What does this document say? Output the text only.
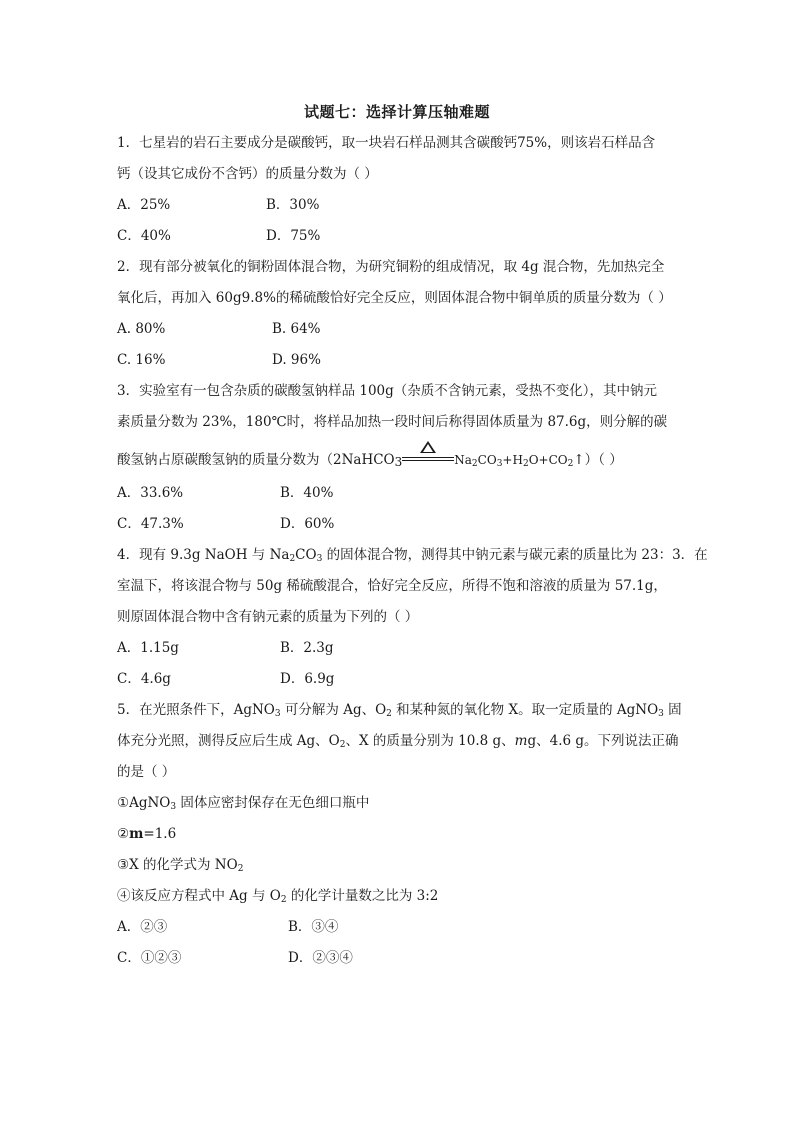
试题七：选择计算压轴难题
1．七星岩的岩石主要成分是碳酸钙，取一块岩石样品测其含碳酸钙75%，则该岩石样品含
钙（设其它成份不含钙）的质量分数为（ ）
A．25%	B．30%
C．40%	D．75%
2．现有部分被氧化的铜粉固体混合物，为研究铜粉的组成情况，取 4g 混合物，先加热完全
氧化后，再加入 60g9.8%的稀硫酸恰好完全反应，则固体混合物中铜单质的质量分数为（ ）
A. 80%	B. 64%
C. 16%	D. 96%
3．实验室有一包含杂质的碳酸氢钠样品 100g（杂质不含钠元素，受热不变化），其中钠元
素质量分数为 23%，180℃时，将样品加热一段时间后称得固体质量为 87.6g，则分解的碳
酸氢钠占原碳酸氢钠的质量分数为（2NaHCO$_3$	$Na_2CO_3+H_2O+CO_2↑$）（ ）
A．33.6%	B．40%
C．47.3%	D．60%
4．现有 9.3g NaOH 与 $Na_2CO_3$ 的固体混合物，测得其中钠元素与碳元素的质量比为 23：3．在
室温下，将该混合物与 50g 稀硫酸混合，恰好完全反应，所得不饱和溶液的质量为 57.1g，
则原固体混合物中含有钠元素的质量为下列的（ ）
A．1.15g	B．2.3g
C．4.6g	D．6.9g
5．在光照条件下，AgNO$_3$ 可分解为 Ag、$O_2$ 和某种氮的氧化物 X。取一定质量的 AgNO$_3$ 固
体充分光照，测得反应后生成 Ag、$O_2$、X 的质量分别为 10.8 g、mg、4.6 g。下列说法正确
的是（ ）
①AgNO$_3$ 固体应密封保存在无色细口瓶中
②m=1.6
③X 的化学式为 $NO_2$
④该反应方程式中 Ag 与 $O_2$ 的化学计量数之比为 3:2
A．②③	B．③④
C．①②③	D．②③④
